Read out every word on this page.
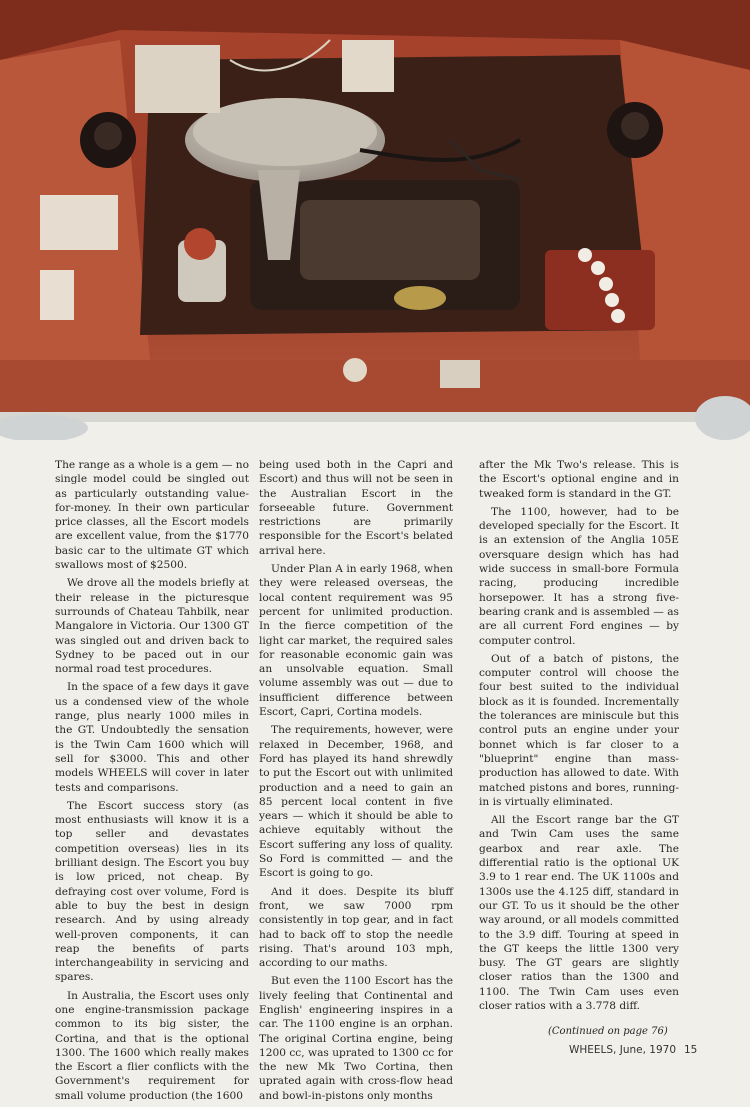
The range as a whole is a gem — no single model could be singled out as particularly outstanding value-for-money. In their own particular price classes, all the Escort models are excellent value, from the $1770 basic car to the ultimate GT which swallows most of $2500.

We drove all the models briefly at their release in the picturesque surrounds of Chateau Tahbilk, near Mangalore in Victoria. Our 1300 GT was singled out and driven back to Sydney to be paced out in our normal road test procedures.

In the space of a few days it gave us a condensed view of the whole range, plus nearly 1000 miles in the GT. Undoubtedly the sensation is the Twin Cam 1600 which will sell for $3000. This and other models WHEELS will cover in later tests and comparisons.

The Escort success story (as most enthusiasts will know it is a top seller and devastates competition overseas) lies in its brilliant design. The Escort you buy is low priced, not cheap. By defraying cost over volume, Ford is able to buy the best in design research. And by using already well-proven components, it can reap the benefits of parts interchangeability in servicing and spares.

In Australia, the Escort uses only one engine-transmission package common to its big sister, the Cortina, and that is the optional 1300. The 1600 which really makes the Escort a flier conflicts with the Government's requirement for small volume production (the 1600

being used both in the Capri and Escort) and thus will not be seen in the Australian Escort in the forseeable future. Government restrictions are primarily responsible for the Escort's belated arrival here.

Under Plan A in early 1968, when they were released overseas, the local content requirement was 95 percent for unlimited production. In the fierce competition of the light car market, the required sales for reasonable economic gain was an unsolvable equation. Small volume assembly was out — due to insufficient difference between Escort, Capri, Cortina models.

The requirements, however, were relaxed in December, 1968, and Ford has played its hand shrewdly to put the Escort out with unlimited production and a need to gain an 85 percent local content in five years — which it should be able to achieve equitably without the Escort suffering any loss of quality. So Ford is committed — and the Escort is going to go.

And it does. Despite its bluff front, we saw 7000 rpm consistently in top gear, and in fact had to back off to stop the needle rising. That's around 103 mph, according to our maths.

But even the 1100 Escort has the lively feeling that Continental and English' engineering inspires in a car. The 1100 engine is an orphan. The original Cortina engine, being 1200 cc, was uprated to 1300 cc for the new Mk Two Cortina, then uprated again with cross-flow head and bowl-in-pistons only months

after the Mk Two's release. This is the Escort's optional engine and in tweaked form is standard in the GT.

The 1100, however, had to be developed specially for the Escort. It is an extension of the Anglia 105E oversquare design which has had wide success in small-bore Formula racing, producing incredible horsepower. It has a strong five-bearing crank and is assembled — as are all current Ford engines — by computer control.

Out of a batch of pistons, the computer control will choose the four best suited to the individual block as it is founded. Incrementally the tolerances are miniscule but this control puts an engine under your bonnet which is far closer to a "blueprint" engine than mass-production has allowed to date. With matched pistons and bores, running-in is virtually eliminated.

All the Escort range bar the GT and Twin Cam uses the same gearbox and rear axle. The differential ratio is the optional UK 3.9 to 1 rear end. The UK 1100s and 1300s use the 4.125 diff, standard in our GT. To us it should be the other way around, or all models committed to the 3.9 diff. Touring at speed in the GT keeps the little 1300 very busy. The GT gears are slightly closer ratios than the 1300 and 1100. The Twin Cam uses even closer ratios with a 3.778 diff.

(Continued on page 76)
WHEELS, June, 1970 15
